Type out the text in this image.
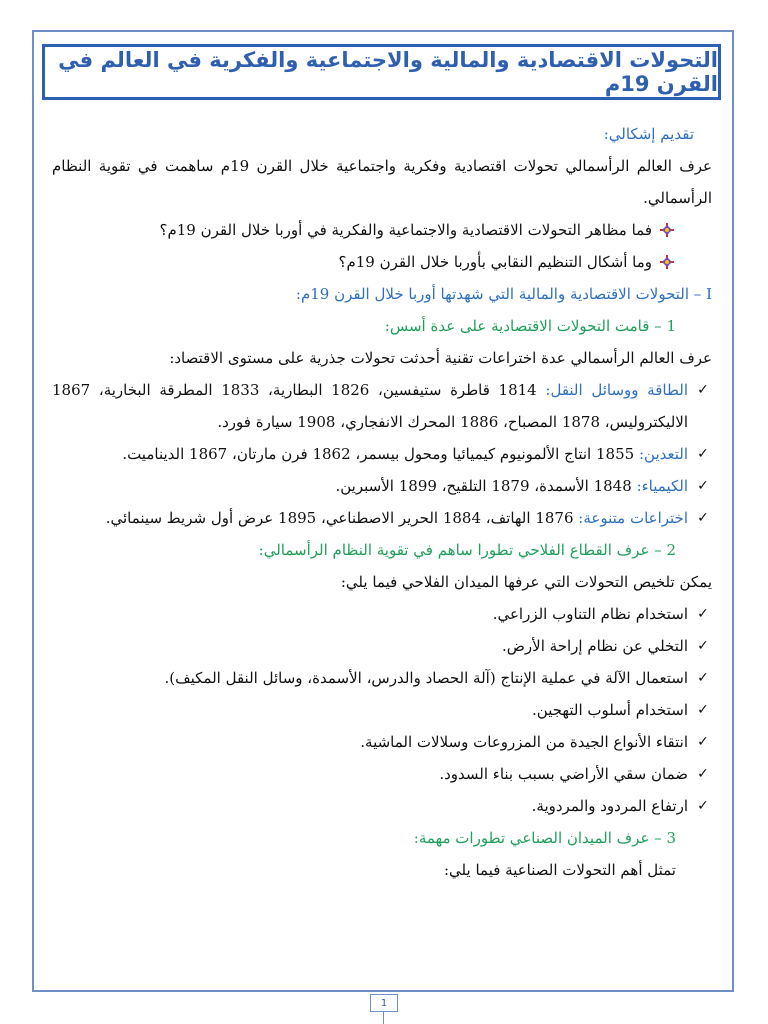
التحولات الاقتصادية والمالية والاجتماعية والفكرية في العالم في القرن 19م

تقديم إشكالي:

عرف العالم الرأسمالي تحولات اقتصادية وفكرية واجتماعية خلال القرن 19م ساهمت في تقوية النظام الرأسمالي.

فما مظاهر التحولات الاقتصادية والاجتماعية والفكرية في أوربا خلال القرن 19م؟
وما أشكال التنظيم النقابي بأوربا خلال القرن 19م؟

I – التحولات الاقتصادية والمالية التي شهدتها أوربا خلال القرن 19م:

1 – قامت التحولات الاقتصادية على عدة أسس:

عرف العالم الرأسمالي عدة اختراعات تقنية أحدثت تحولات جذرية على مستوى الاقتصاد:

✓
الطاقة ووسائل النقل: 1814 قاطرة ستيفسين، 1826 البطارية، 1833 المطرقة البخارية، 1867 الاليكتروليس، 1878 المصباح، 1886 المحرك الانفجاري، 1908 سيارة فورد.
✓
التعدين: 1855 انتاج الألمونيوم كيميائيا ومحول بيسمر، 1862 فرن مارتان، 1867 الديناميت.
✓
الكيمياء: 1848 الأسمدة، 1879 التلقيح، 1899 الأسبرين.
✓
اختراعات متنوعة: 1876 الهاتف، 1884 الحرير الاصطناعي، 1895 عرض أول شريط سينمائي.

2 – عرف القطاع الفلاحي تطورا ساهم في تقوية النظام الرأسمالي:

يمكن تلخيص التحولات التي عرفها الميدان الفلاحي فيما يلي:

✓
استخدام نظام التناوب الزراعي.
✓
التخلي عن نظام إراحة الأرض.
✓
استعمال الآلة في عملية الإنتاج (آلة الحصاد والدرس، الأسمدة، وسائل النقل المكيف).
✓
استخدام أسلوب التهجين.
✓
انتقاء الأنواع الجيدة من المزروعات وسلالات الماشية.
✓
ضمان سقي الأراضي بسبب بناء السدود.
✓
ارتفاع المردود والمردوية.

3 – عرف الميدان الصناعي تطورات مهمة:

تمثل أهم التحولات الصناعية فيما يلي:

1
